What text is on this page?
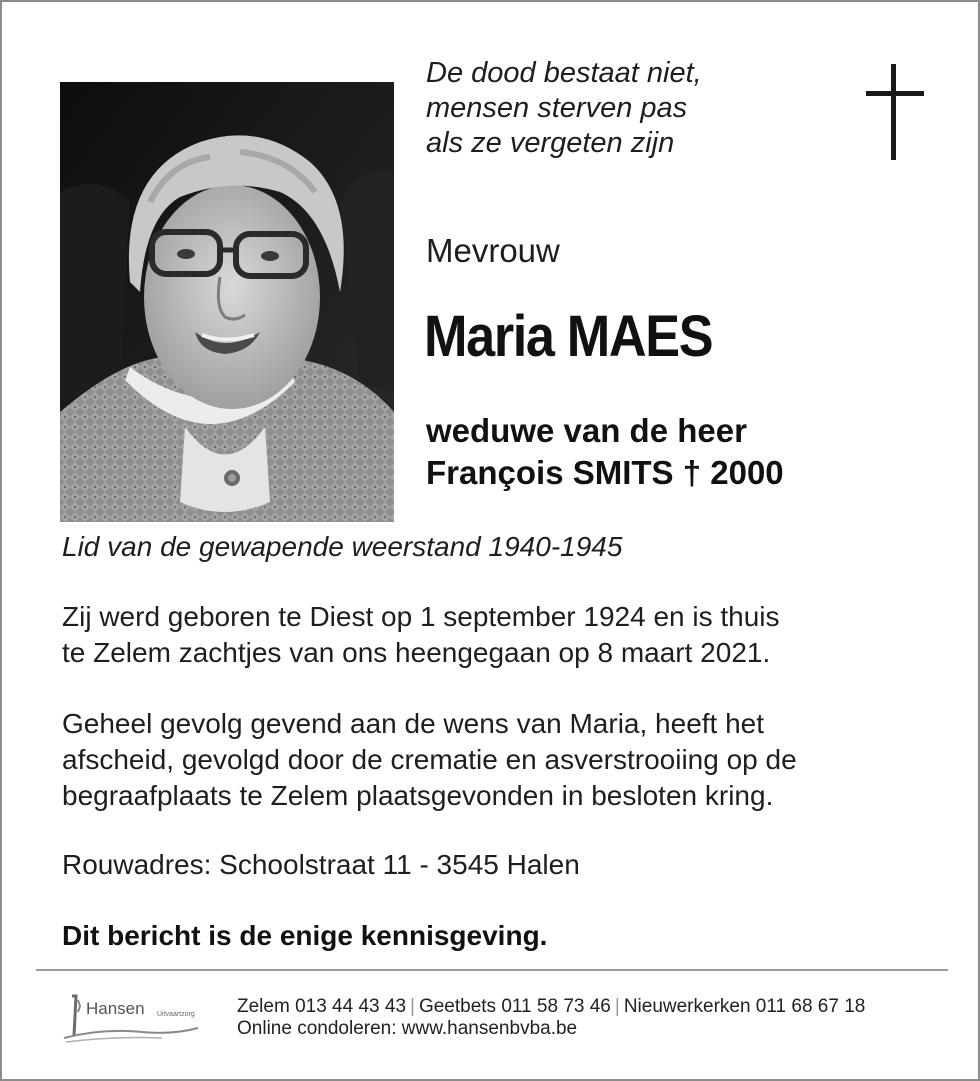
De dood bestaat niet,
mensen sterven pas
als ze vergeten zijn
Mevrouw
Maria MAES
weduwe van de heer
François SMITS † 2000
Lid van de gewapende weerstand 1940-1945
Zij werd geboren te Diest op 1 september 1924 en is thuis
te Zelem zachtjes van ons heengegaan op 8 maart 2021.
Geheel gevolg gevend aan de wens van Maria, heeft het
afscheid, gevolgd door de crematie en asverstrooiing op de
begraafplaats te Zelem plaatsgevonden in besloten kring.
Rouwadres: Schoolstraat 11 - 3545 Halen
Dit bericht is de enige kennisgeving.
Hansen Uitvaartzorg Zelem 013 44 43 43 | Geetbets 011 58 73 46 | Nieuwerkerken 011 68 67 18
Online condoleren: www.hansenbvba.be
